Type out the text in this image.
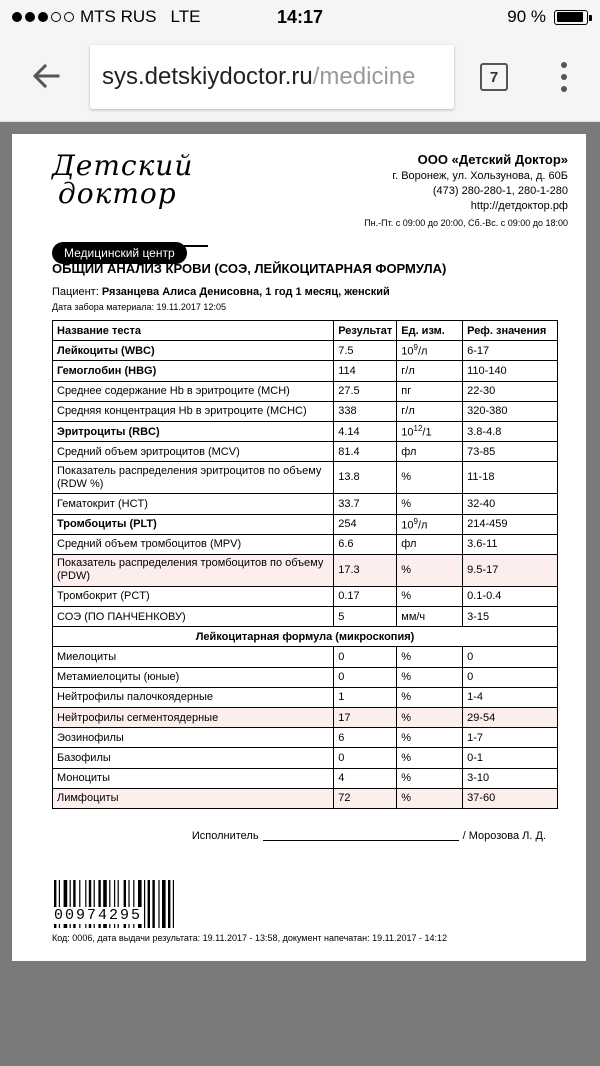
MTS RUS LTE	14:17	90 %
sys.detskiydoctor.ru /medicine	7
Детский
доктор
Медицинский центр
ООО «Детский Доктор»
г. Воронеж, ул. Хользунова, д. 60Б
(473) 280-280-1, 280-1-280
http://детдоктор.рф
Пн.-Пт. с 09:00 до 20:00, Сб.-Вс. с 09:00 до 18:00
ОБЩИЙ АНАЛИЗ КРОВИ (СОЭ, ЛЕЙКОЦИТАРНАЯ ФОРМУЛА)
Пациент: Рязанцева Алиса Денисовна, 1 год 1 месяц, женский
Дата забора материала: 19.11.2017 12:05
Название теста	Результат	Ед. изм.	Реф. значения
Лейкоциты (WBC)	7.5	$10^9/л$	6-17
Гемоглобин (HBG)	114	г/л	110-140
Среднее содержание Hb в эритроците (MCH)	27.5	пг	22-30
Средняя концентрация Hb в эритроците (MCHC)	338	г/л	320-380
Эритроциты (RBC)	4.14	$10^{12}/1$	3.8-4.8
Средний объем эритроцитов (MCV)	81.4	фл	73-85
Показатель распределения эритроцитов по объему (RDW %)	13.8	%	11-18
Гематокрит (HCT)	33.7	%	32-40
Тромбоциты (PLT)	254	$10^9/л$	214-459
Средний объем тромбоцитов (MPV)	6.6	фл	3.6-11
Показатель распределения тромбоцитов по объему (PDW)	17.3	%	9.5-17
Тромбокрит (PCT)	0.17	%	0.1-0.4
СОЭ (ПО ПАНЧЕНКОВУ)	5	мм/ч	3-15
Лейкоцитарная формула (микроскопия)			
Миелоциты	0	%	0
Метамиелоциты (юные)	0	%	0
Нейтрофилы палочкоядерные	1	%	1-4
Нейтрофилы сегментоядерные	17	%	29-54
Эозинофилы	6	%	1-7
Базофилы	0	%	0-1
Моноциты	4	%	3-10
Лимфоциты	72	%	37-60
Исполнитель	/ Морозова Л. Д.
00974295
Код: 0006, дата выдачи результата: 19.11.2017 - 13:58, документ напечатан: 19.11.2017 - 14:12
